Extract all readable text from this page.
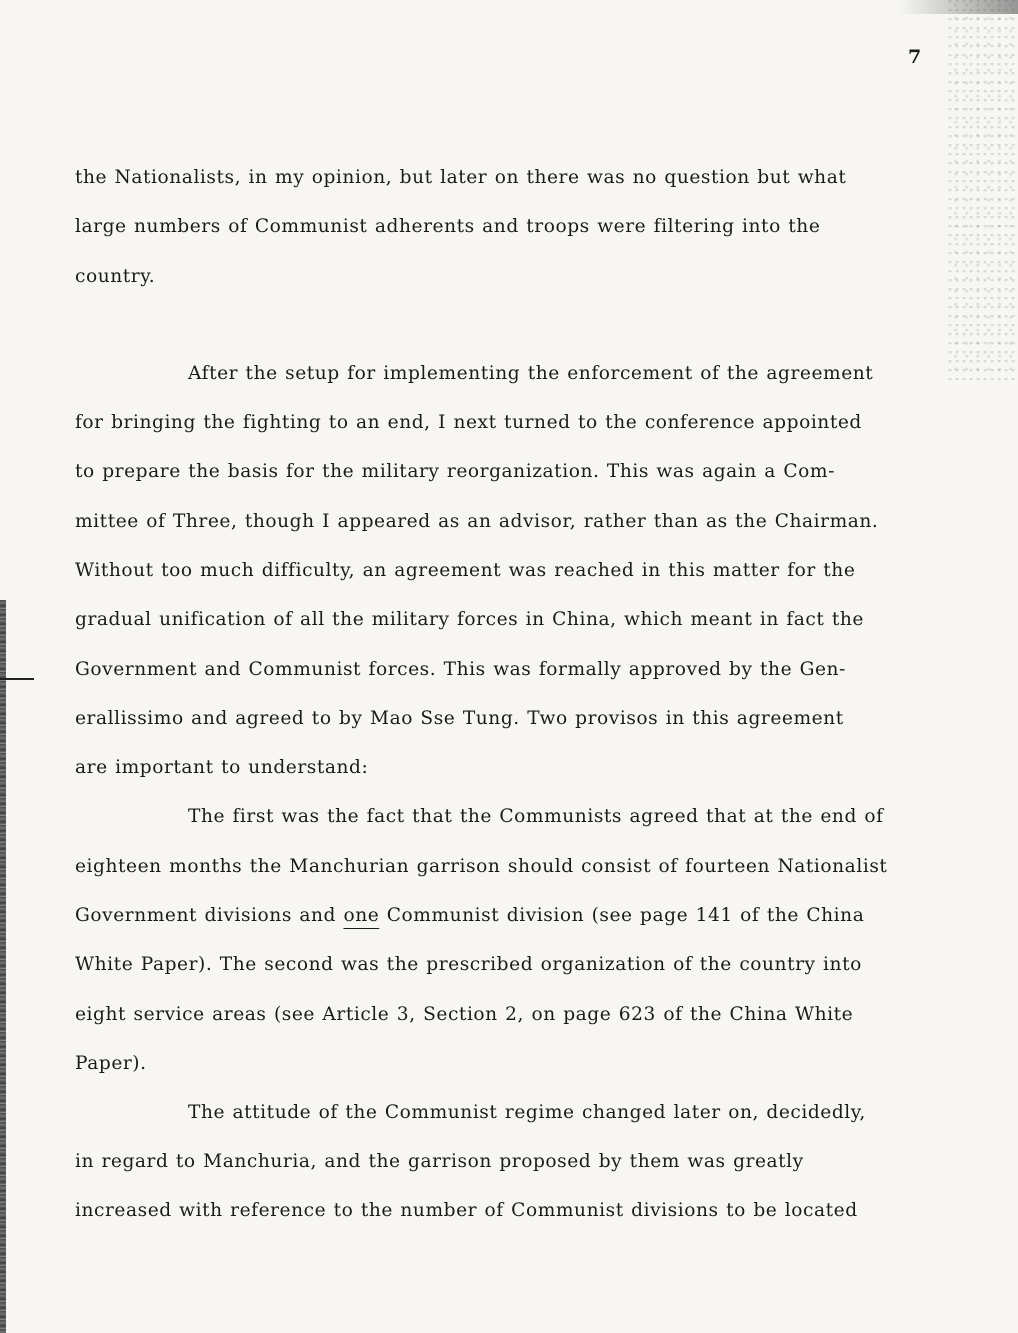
7

the Nationalists, in my opinion, but later on there was no question but what

large numbers of Communist adherents and troops were filtering into the

country.

After the setup for implementing the enforcement of the agreement

for bringing the fighting to an end, I next turned to the conference appointed

to prepare the basis for the military reorganization. This was again a Com-

mittee of Three, though I appeared as an advisor, rather than as the Chairman.

Without too much difficulty, an agreement was reached in this matter for the

gradual unification of all the military forces in China, which meant in fact the

Government and Communist forces. This was formally approved by the Gen-

erallissimo and agreed to by Mao Sse Tung. Two provisos in this agreement

are important to understand:

The first was the fact that the Communists agreed that at the end of

eighteen months the Manchurian garrison should consist of fourteen Nationalist

Government divisions and one Communist division (see page 141 of the China

White Paper). The second was the prescribed organization of the country into

eight service areas (see Article 3, Section 2, on page 623 of the China White

Paper).

The attitude of the Communist regime changed later on, decidedly,

in regard to Manchuria, and the garrison proposed by them was greatly

increased with reference to the number of Communist divisions to be located
